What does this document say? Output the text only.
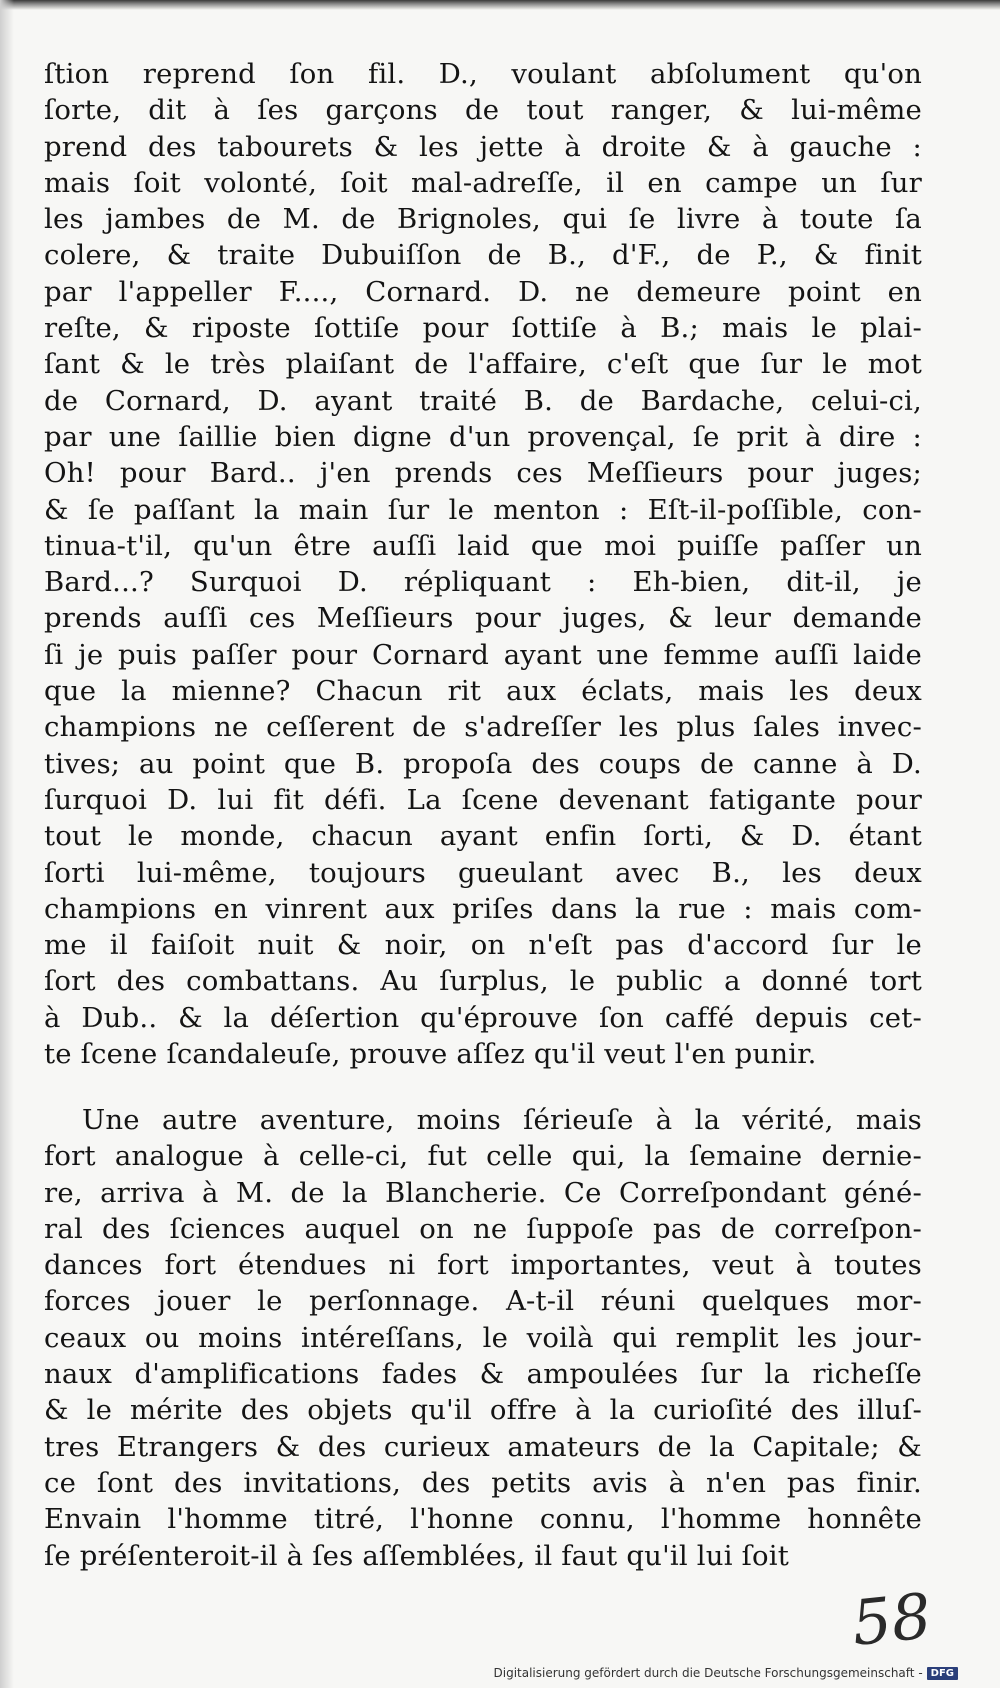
ſtion reprend ſon fil. D., voulant abſolument qu'on
ſorte, dit à ſes garçons de tout ranger, & lui-même
prend des tabourets & les jette à droite & à gauche :
mais ſoit volonté, ſoit mal-adreſſe, il en campe un ſur
les jambes de M. de Brignoles, qui ſe livre à toute ſa
colere, & traite Dubuiſſon de B., d'F., de P., & finit
par l'appeller F...., Cornard. D. ne demeure point en
reſte, & riposte ſottiſe pour ſottiſe à B.; mais le plai-
ſant & le très plaiſant de l'affaire, c'eſt que ſur le mot
de Cornard, D. ayant traité B. de Bardache, celui-ci,
par une ſaillie bien digne d'un provençal, ſe prit à dire :
Oh! pour Bard.. j'en prends ces Meſſieurs pour juges;
& ſe paſſant la main ſur le menton : Eſt-il-poſſible, con-
tinua-t'il, qu'un être auſſi laid que moi puiſſe paſſer un
Bard...? Surquoi D. répliquant : Eh-bien, dit-il, je
prends auſſi ces Meſſieurs pour juges, & leur demande
ſi je puis paſſer pour Cornard ayant une femme auſſi laide
que la mienne? Chacun rit aux éclats, mais les deux
champions ne ceſſerent de s'adreſſer les plus ſales invec-
tives; au point que B. propoſa des coups de canne à D.
ſurquoi D. lui fit défi. La ſcene devenant fatigante pour
tout le monde, chacun ayant enfin ſorti, & D. étant
ſorti lui-même, toujours gueulant avec B., les deux
champions en vinrent aux priſes dans la rue : mais com-
me il faiſoit nuit & noir, on n'eſt pas d'accord ſur le
ſort des combattans. Au ſurplus, le public a donné tort
à Dub.. & la déſertion qu'éprouve ſon caffé depuis cet-
te ſcene ſcandaleuſe, prouve aſſez qu'il veut l'en punir.
Une autre aventure, moins ſérieuſe à la vérité, mais
fort analogue à celle-ci, fut celle qui, la ſemaine dernie-
re, arriva à M. de la Blancherie. Ce Correſpondant géné-
ral des ſciences auquel on ne ſuppoſe pas de correſpon-
dances fort étendues ni fort importantes, veut à toutes
forces jouer le perſonnage. A-t-il réuni quelques mor-
ceaux ou moins intéreſſans, le voilà qui remplit les jour-
naux d'amplifications fades & ampoulées ſur la richeſſe
& le mérite des objets qu'il offre à la curioſité des illuſ-
tres Etrangers & des curieux amateurs de la Capitale; &
ce ſont des invitations, des petits avis à n'en pas finir.
Envain l'homme titré, l'honne connu, l'homme honnête
ſe préſenteroit-il à ſes aſſemblées, il faut qu'il lui ſoit
58
Digitalisierung gefördert durch die Deutsche Forschungsgemeinschaft - DFG
